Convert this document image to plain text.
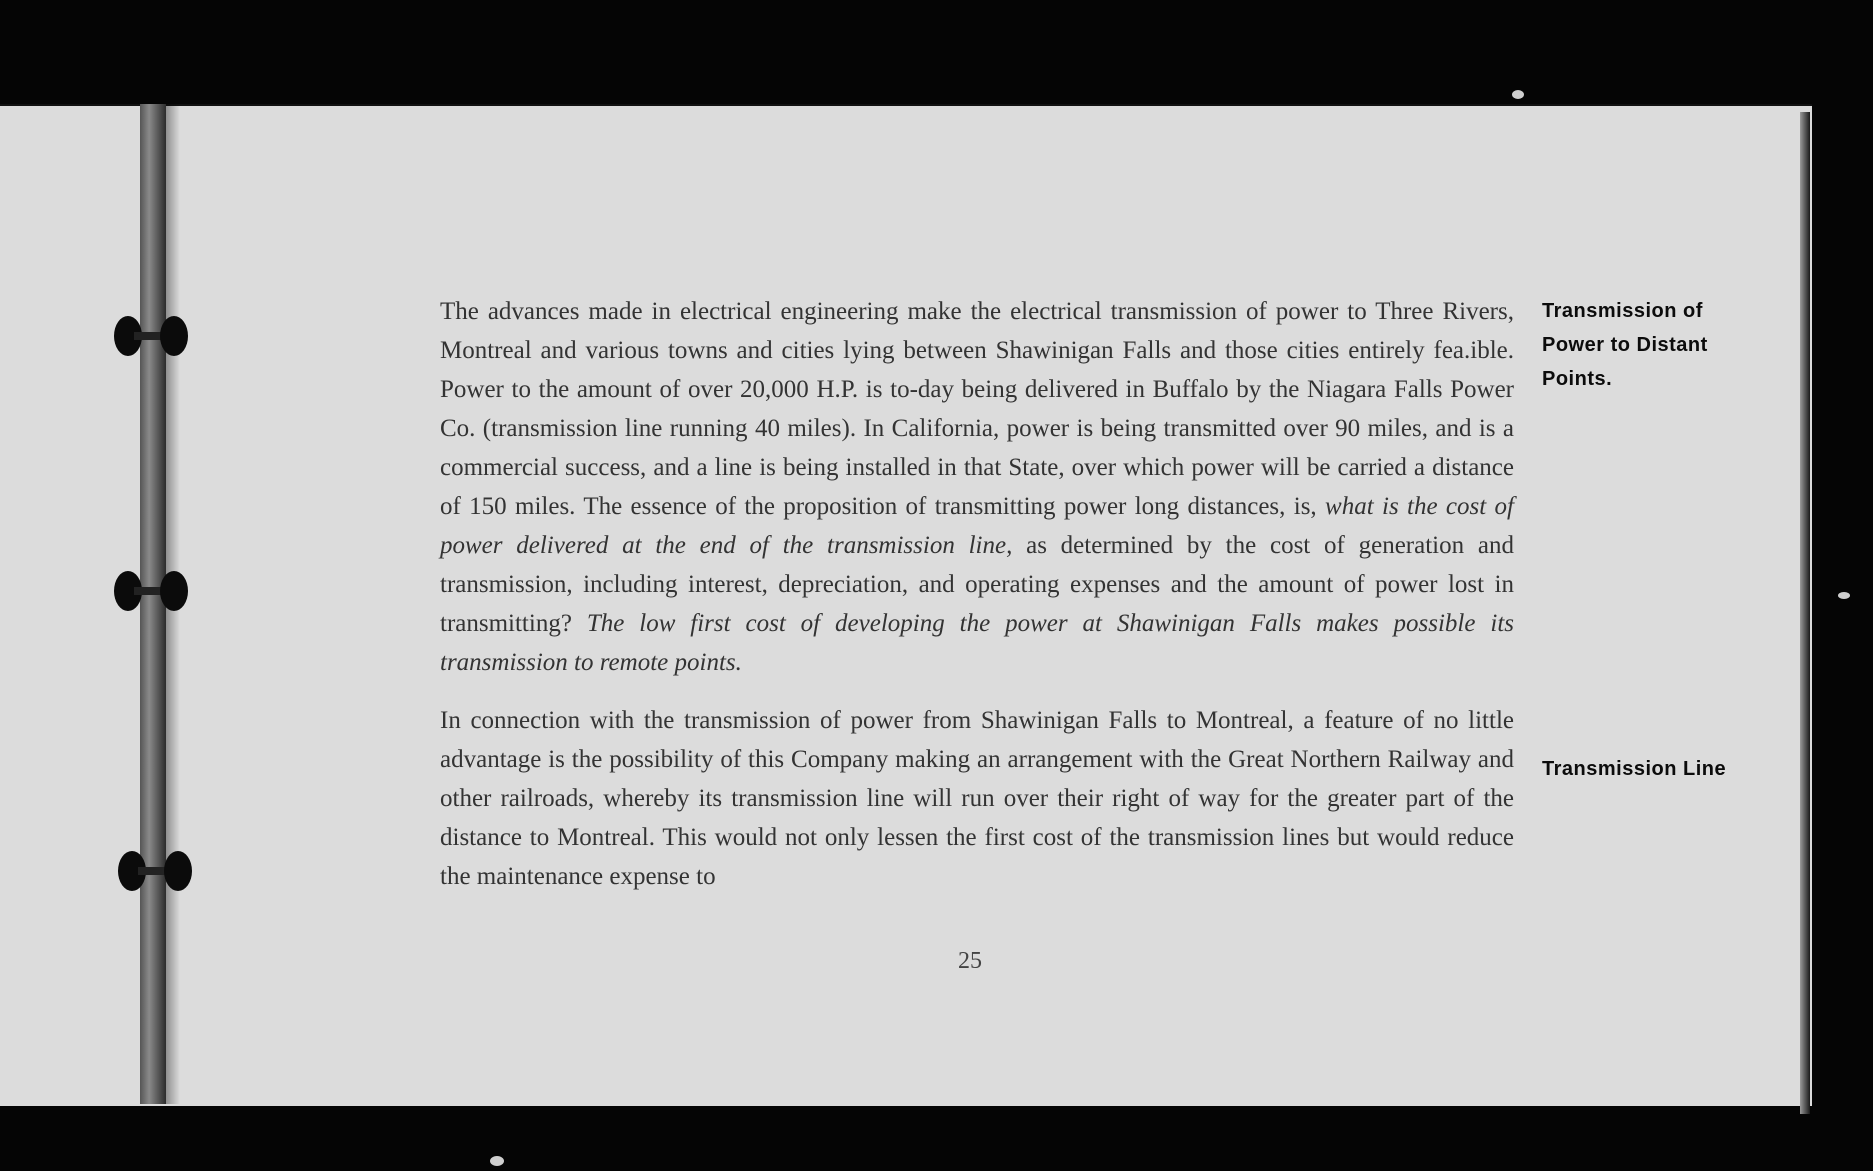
The advances made in electrical engineering make the electrical transmission of power to Three Rivers, Montreal and various towns and cities lying between Shawinigan Falls and those cities entirely fea.ible. Power to the amount of over 20,000 H.P. is to-day being delivered in Buffalo by the Niagara Falls Power Co. (transmission line running 40 miles). In California, power is being transmitted over 90 miles, and is a commercial success, and a line is being installed in that State, over which power will be carried a distance of 150 miles. The essence of the proposition of transmitting power long distances, is, what is the cost of power delivered at the end of the transmission line, as determined by the cost of generation and transmission, including interest, depreciation, and operating expenses and the amount of power lost in transmitting? The low first cost of developing the power at Shawinigan Falls makes possible its transmission to remote points.

In connection with the transmission of power from Shawinigan Falls to Montreal, a feature of no little advantage is the possibility of this Company making an arrangement with the Great Northern Railway and other railroads, whereby its transmission line will run over their right of way for the greater part of the distance to Montreal. This would not only lessen the first cost of the transmission lines but would reduce the maintenance expense to

Transmission of Power to Distant Points.
Transmission Line
25
